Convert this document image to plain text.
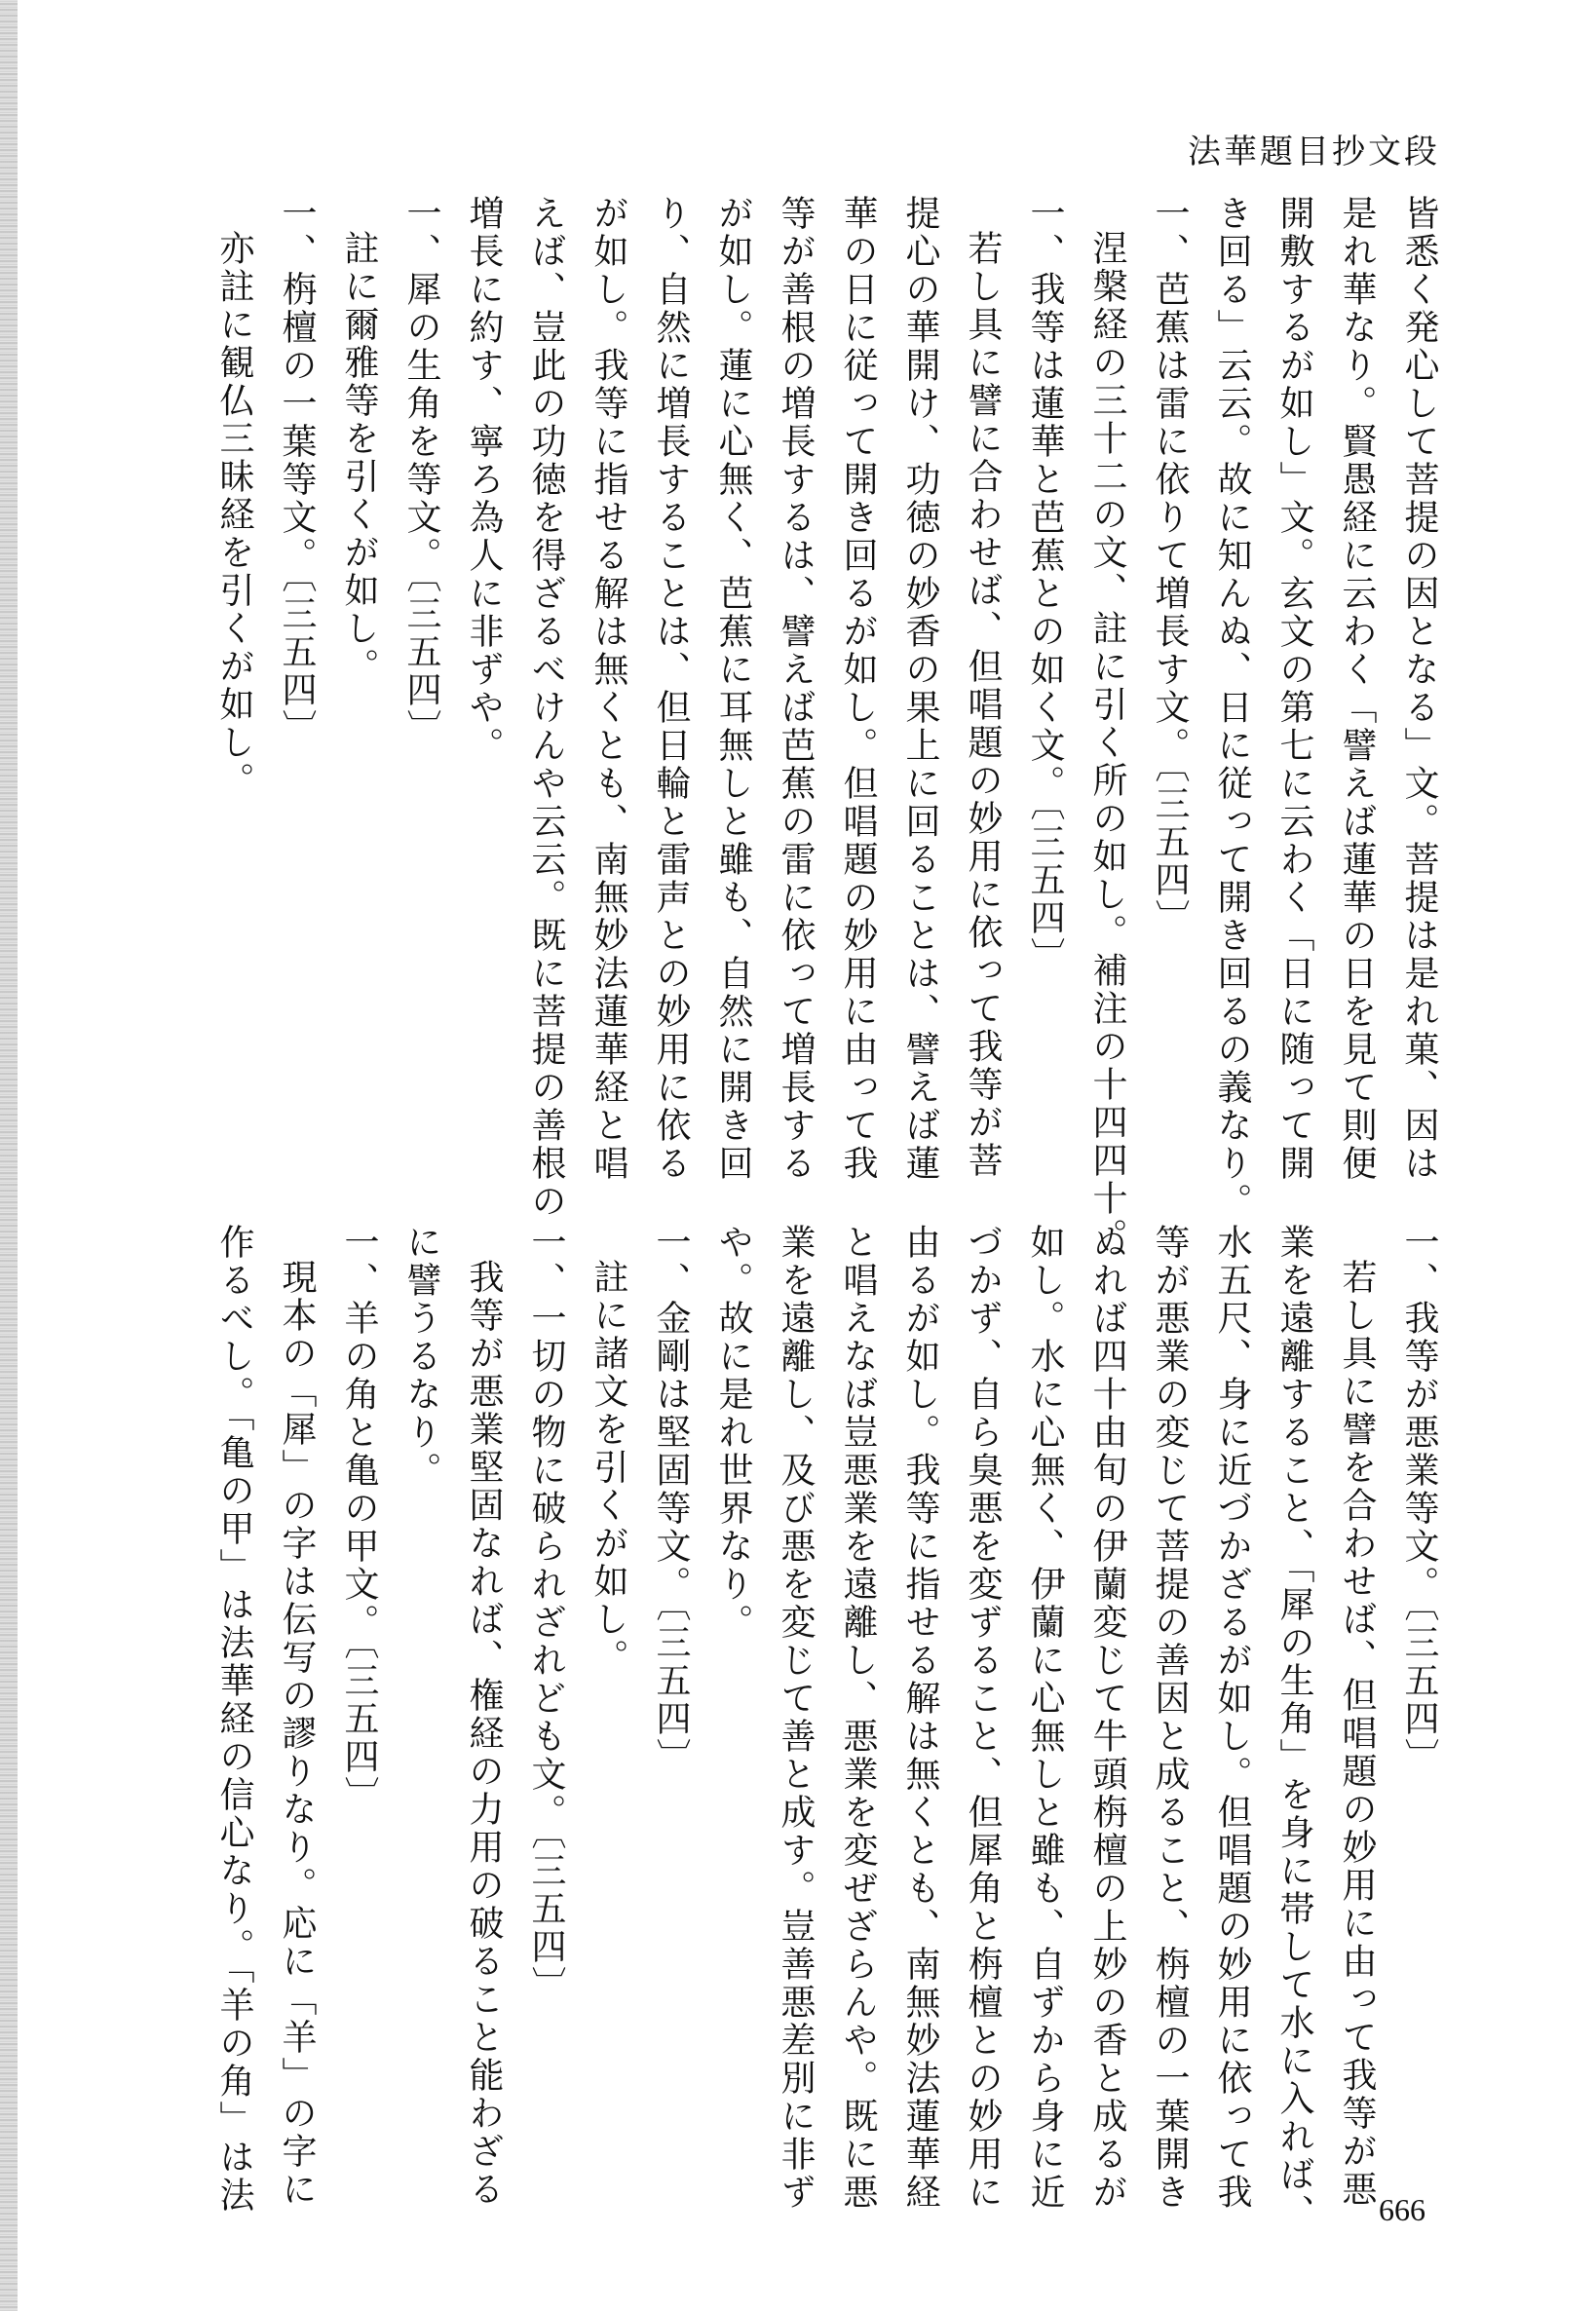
法華題目抄文段
皆悉く発心して菩提の因となる」文。菩提は是れ菓、因は
是れ華なり。賢愚経に云わく「譬えば蓮華の日を見て則便
開敷するが如し」文。玄文の第七に云わく「日に随って開
き回る」云云。故に知んぬ、日に従って開き回るの義なり。
一、芭蕉は雷に依りて増長す文。〔三五四〕
涅槃経の三十二の文、註に引く所の如し。補注の十四四十。
一、我等は蓮華と芭蕉との如く文。〔三五四〕
若し具に譬に合わせば、但唱題の妙用に依って我等が菩
提心の華開け、功徳の妙香の果上に回ることは、譬えば蓮
華の日に従って開き回るが如し。但唱題の妙用に由って我
等が善根の増長するは、譬えば芭蕉の雷に依って増長する
が如し。蓮に心無く、芭蕉に耳無しと雖も、自然に開き回
り、自然に増長することは、但日輪と雷声との妙用に依る
が如し。我等に指せる解は無くとも、南無妙法蓮華経と唱
えば、豈此の功徳を得ざるべけんや云云。既に菩提の善根の
増長に約す、寧ろ為人に非ずや。
一、犀の生角を等文。〔三五四〕
註に爾雅等を引くが如し。
一、栴檀の一葉等文。〔三五四〕
亦註に観仏三昧経を引くが如し。
一、我等が悪業等文。〔三五四〕
若し具に譬を合わせば、但唱題の妙用に由って我等が悪
業を遠離すること、「犀の生角」を身に帯して水に入れば、
水五尺、身に近づかざるが如し。但唱題の妙用に依って我
等が悪業の変じて菩提の善因と成ること、栴檀の一葉開き
ぬれば四十由旬の伊蘭変じて牛頭栴檀の上妙の香と成るが
如し。水に心無く、伊蘭に心無しと雖も、自ずから身に近
づかず、自ら臭悪を変ずること、但犀角と栴檀との妙用に
由るが如し。我等に指せる解は無くとも、南無妙法蓮華経
と唱えなば豈悪業を遠離し、悪業を変ぜざらんや。既に悪
業を遠離し、及び悪を変じて善と成す。豈善悪差別に非ず
や。故に是れ世界なり。
一、金剛は堅固等文。〔三五四〕
註に諸文を引くが如し。
一、一切の物に破られざれども文。〔三五四〕
我等が悪業堅固なれば、権経の力用の破ること能わざる
に譬うるなり。
一、羊の角と亀の甲文。〔三五四〕
現本の「犀」の字は伝写の謬りなり。応に「羊」の字に
作るべし。「亀の甲」は法華経の信心なり。「羊の角」は法	666
